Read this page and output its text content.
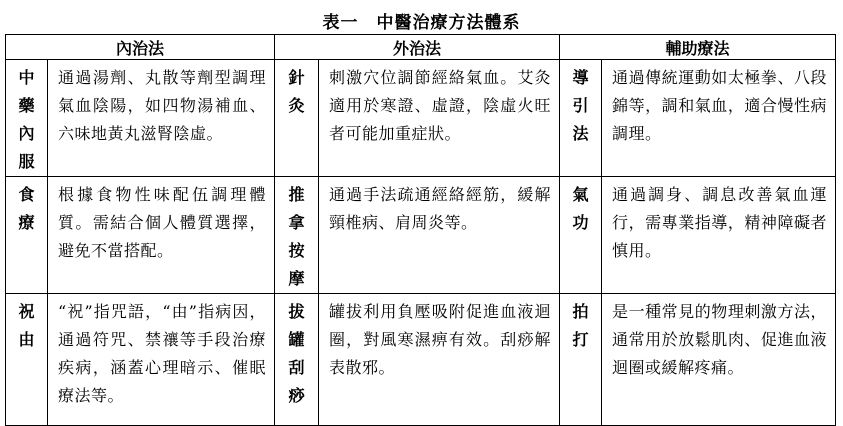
表一　中醫治療方法體系
內治法		外治法		輔助療法	

中藥內服	通過湯劑、丸散等劑型調理氣血陰陽，如四物湯補血、六味地黃丸滋腎陰虛。	針灸	刺激穴位調節經絡氣血。艾灸適用於寒證、虛證，陰虛火旺者可能加重症狀。	導引法	通過傳統運動如太極拳、八段錦等，調和氣血，適合慢性病調理。

食療	根據食物性味配伍調理體質。需結合個人體質選擇，避免不當搭配。	推拿按摩	通過手法疏通經絡經筋，緩解頸椎病、肩周炎等。	氣功	通過調身、調息改善氣血運行，需專業指導，精神障礙者慎用。

祝由	“祝”指咒語，“由”指病因，通過符咒、禁禳等手段治療疾病，涵蓋心理暗示、催眠療法等。	拔罐刮痧	罐拔利用負壓吸附促進血液迴圈，對風寒濕痹有效。刮痧解表散邪。	拍打	是一種常見的物理刺激方法，通常用於放鬆肌肉、促進血液迴圈或緩解疼痛。
